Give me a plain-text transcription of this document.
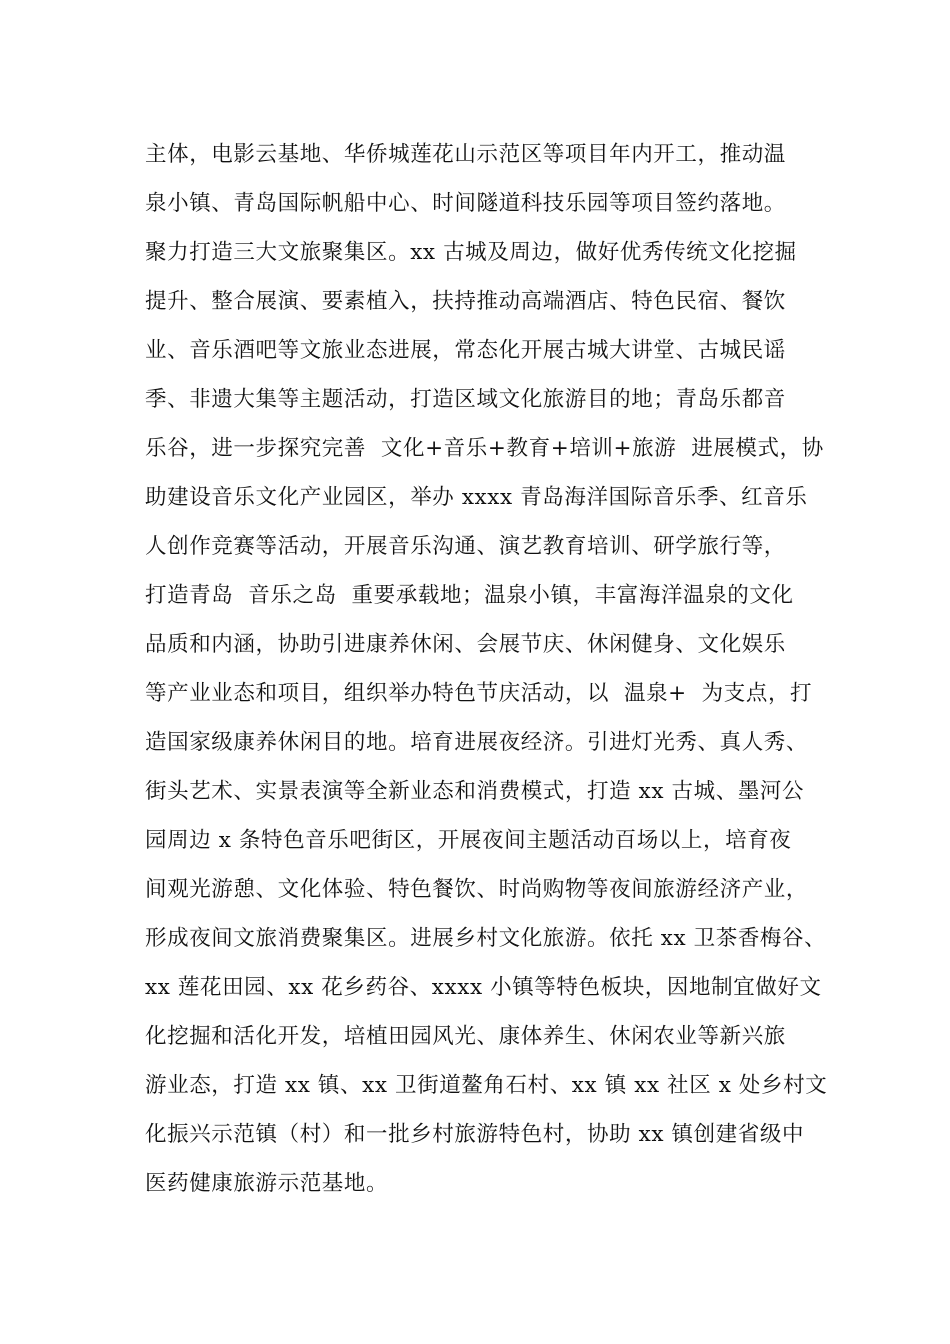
主体，电影云基地、华侨城莲花山示范区等项目年内开工，推动温
泉小镇、青岛国际帆船中心、时间隧道科技乐园等项目签约落地。
聚力打造三大文旅聚集区。xx 古城及周边，做好优秀传统文化挖掘
提升、整合展演、要素植入，扶持推动高端酒店、特色民宿、餐饮
业、音乐酒吧等文旅业态进展，常态化开展古城大讲堂、古城民谣
季、非遗大集等主题活动，打造区域文化旅游目的地；青岛乐都音
乐谷，进一步探究完善  文化+音乐+教育+培训+旅游  进展模式，协
助建设音乐文化产业园区，举办 xxxx 青岛海洋国际音乐季、红音乐
人创作竞赛等活动，开展音乐沟通、演艺教育培训、研学旅行等，
打造青岛  音乐之岛  重要承载地；温泉小镇，丰富海洋温泉的文化
品质和内涵，协助引进康养休闲、会展节庆、休闲健身、文化娱乐
等产业业态和项目，组织举办特色节庆活动，以  温泉+  为支点，打
造国家级康养休闲目的地。培育进展夜经济。引进灯光秀、真人秀、
街头艺术、实景表演等全新业态和消费模式，打造 xx 古城、墨河公
园周边 x 条特色音乐吧街区，开展夜间主题活动百场以上，培育夜
间观光游憩、文化体验、特色餐饮、时尚购物等夜间旅游经济产业，
形成夜间文旅消费聚集区。进展乡村文化旅游。依托 xx 卫茶香梅谷、
xx 莲花田园、xx 花乡药谷、xxxx 小镇等特色板块，因地制宜做好文
化挖掘和活化开发，培植田园风光、康体养生、休闲农业等新兴旅
游业态，打造 xx 镇、xx 卫街道鳌角石村、xx 镇 xx 社区 x 处乡村文
化振兴示范镇（村）和一批乡村旅游特色村，协助 xx 镇创建省级中
医药健康旅游示范基地。
